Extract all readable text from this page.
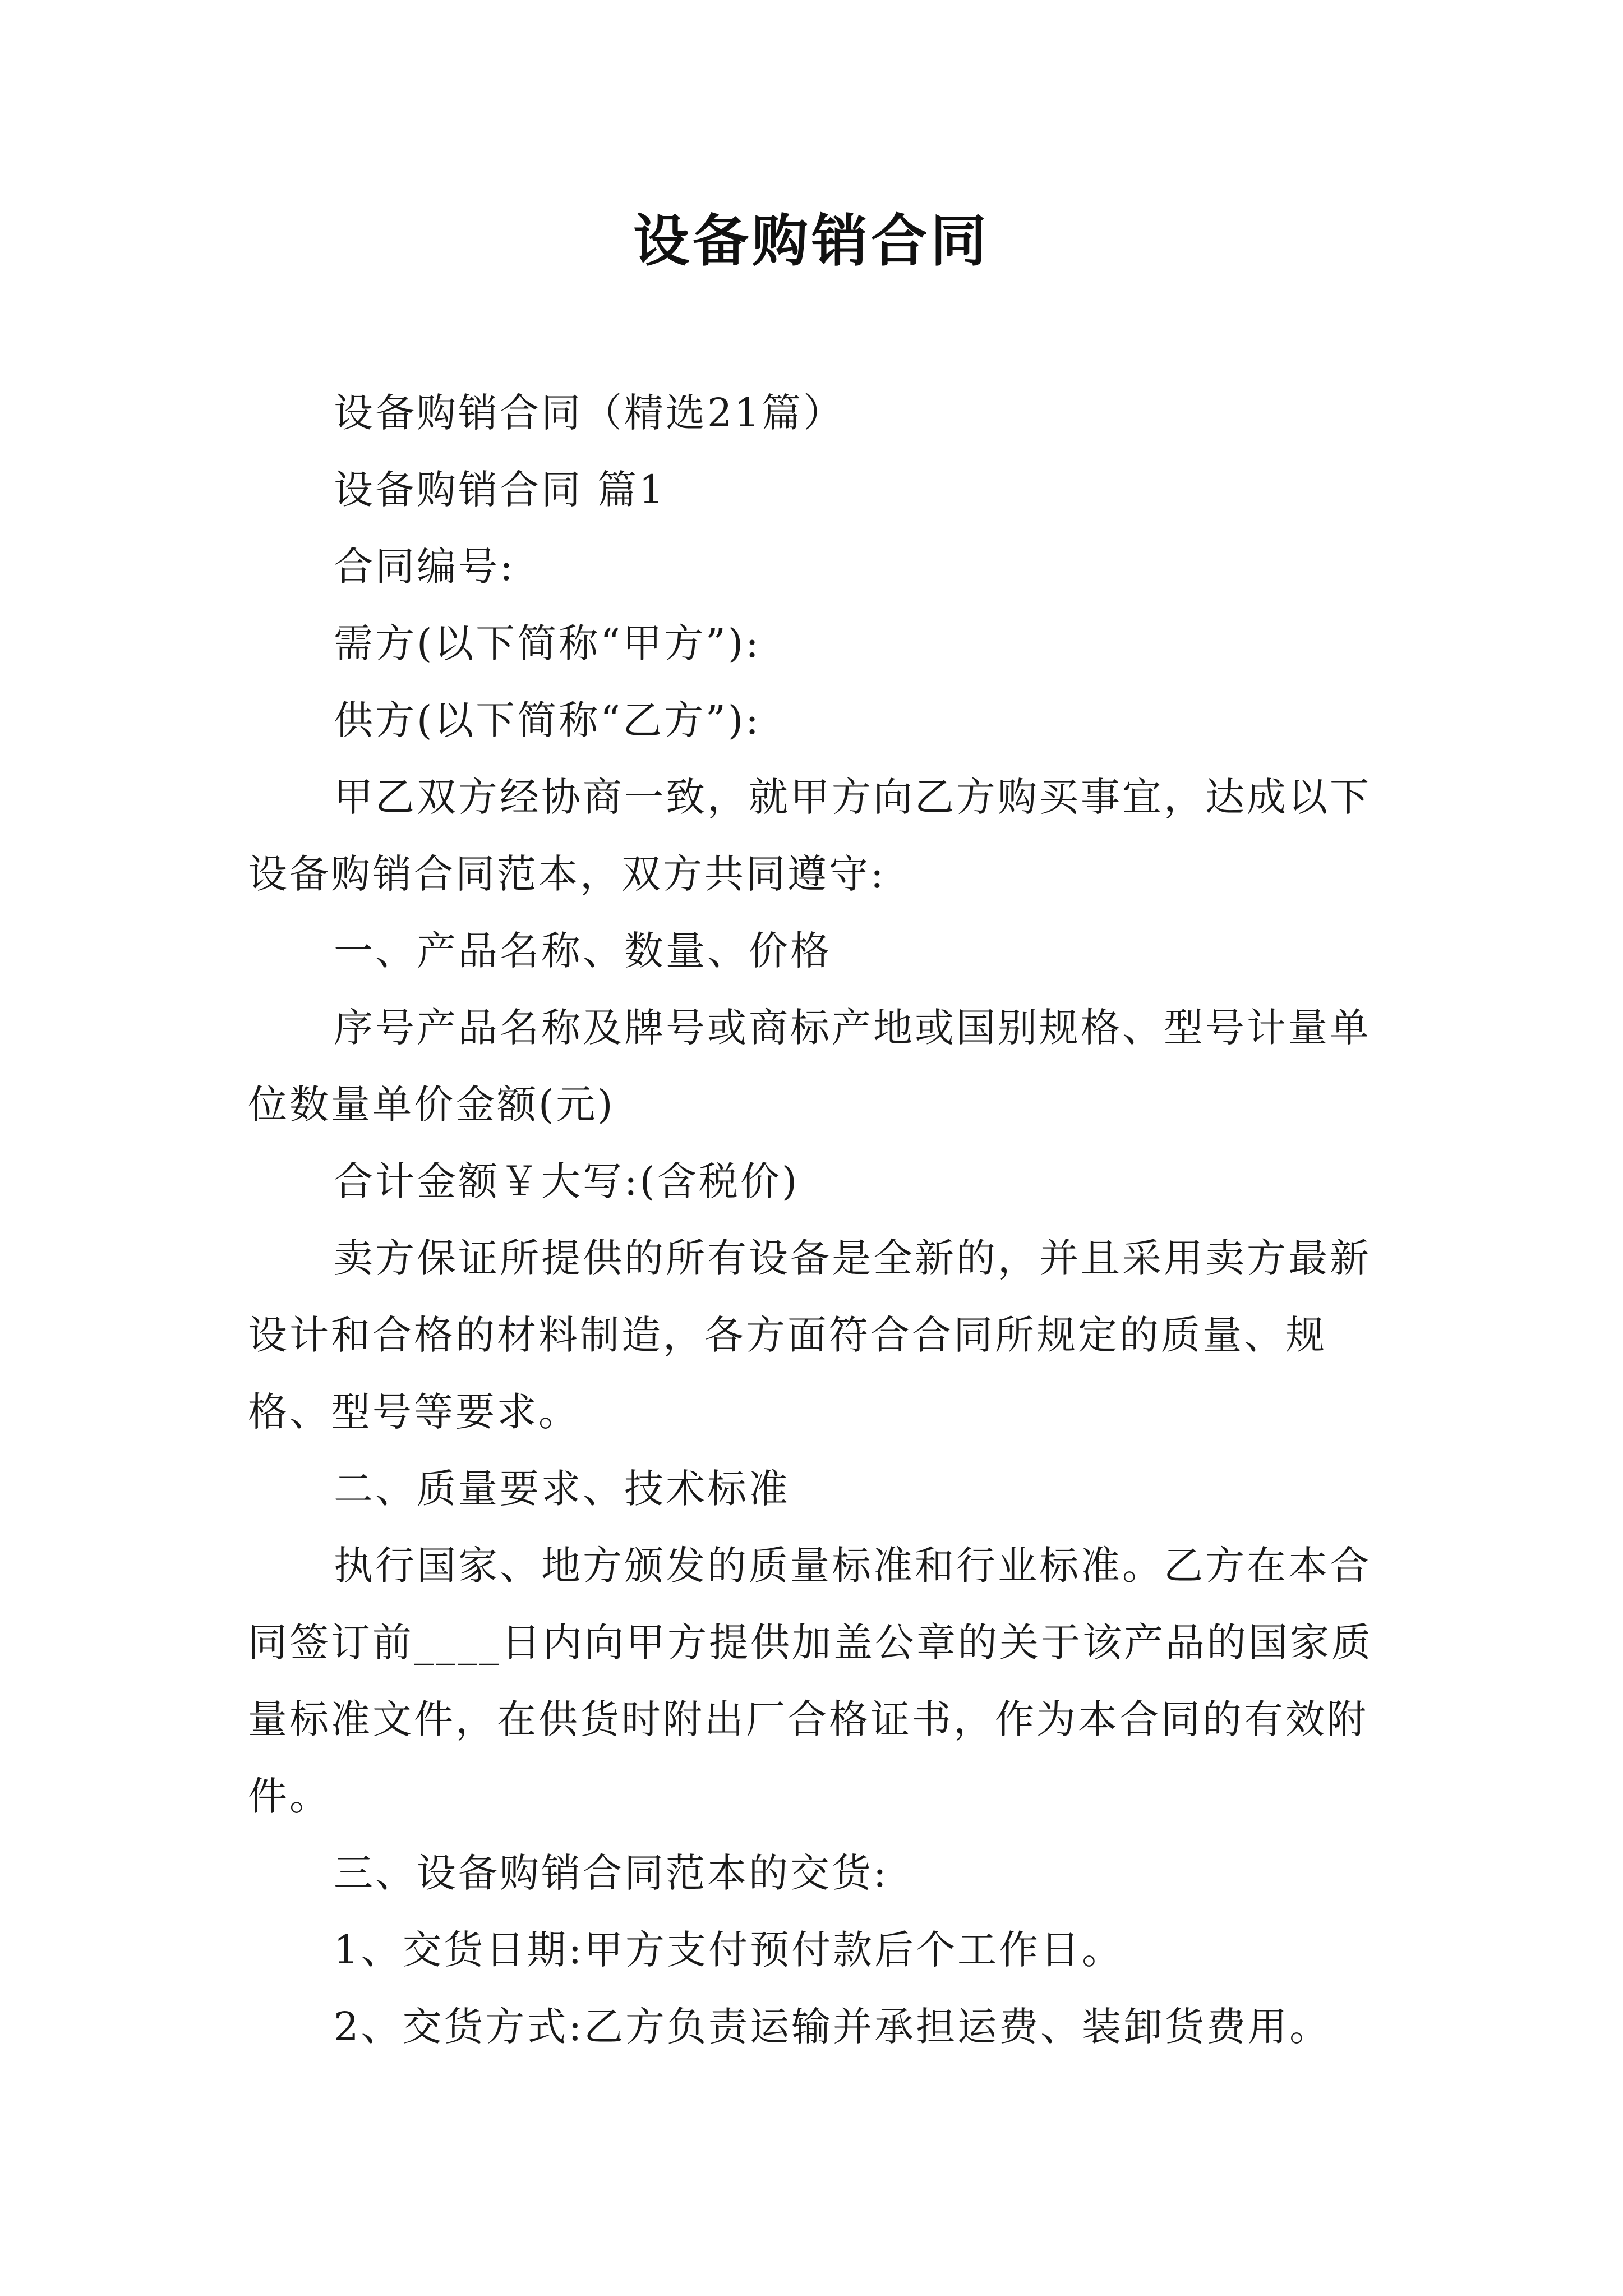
设备购销合同

设备购销合同（精选21篇）

设备购销合同 篇1

合同编号:

需方(以下简称“甲方”):

供方(以下简称“乙方”):

甲乙双方经协商一致，就甲方向乙方购买事宜，达成以下设备购销合同范本，双方共同遵守:

一、产品名称、数量、价格

序号产品名称及牌号或商标产地或国别规格、型号计量单位数量单价金额(元)

合计金额￥大写:(含税价)

卖方保证所提供的所有设备是全新的，并且采用卖方最新设计和合格的材料制造，各方面符合合同所规定的质量、规格、型号等要求。

二、质量要求、技术标准

执行国家、地方颁发的质量标准和行业标准。乙方在本合同签订前____日内向甲方提供加盖公章的关于该产品的国家质量标准文件，在供货时附出厂合格证书，作为本合同的有效附件。

三、设备购销合同范本的交货:

1、交货日期:甲方支付预付款后个工作日。

2、交货方式:乙方负责运输并承担运费、装卸货费用。
